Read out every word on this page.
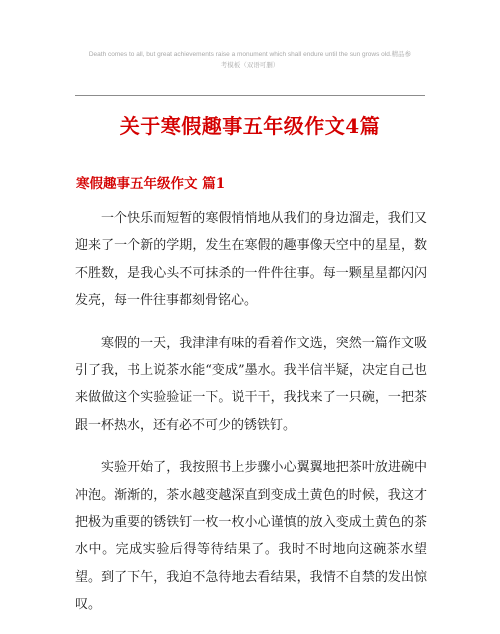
Death comes to all, but great achievements raise a monument which shall endure until the sun grows old.精品参
考模板（双语可删）
关于寒假趣事五年级作文4篇
寒假趣事五年级作文 篇1

一个快乐而短暂的寒假悄悄地从我们的身边溜走，我们又迎来了一个新的学期，发生在寒假的趣事像天空中的星星，数不胜数，是我心头不可抹杀的一件件往事。每一颗星星都闪闪发亮，每一件往事都刻骨铭心。

寒假的一天，我津津有味的看着作文选，突然一篇作文吸引了我，书上说茶水能“变成”墨水。我半信半疑，决定自己也来做做这个实验验证一下。说干干，我找来了一只碗，一把茶跟一杯热水，还有必不可少的锈铁钉。

实验开始了，我按照书上步骤小心翼翼地把茶叶放进碗中冲泡。渐渐的，茶水越变越深直到变成土黄色的时候，我这才把极为重要的锈铁钉一枚一枚小心谨慎的放入变成土黄色的茶水中。完成实验后得等待结果了。我时不时地向这碗茶水望望。到了下午，我迫不急待地去看结果，我情不自禁的发出惊叹。
